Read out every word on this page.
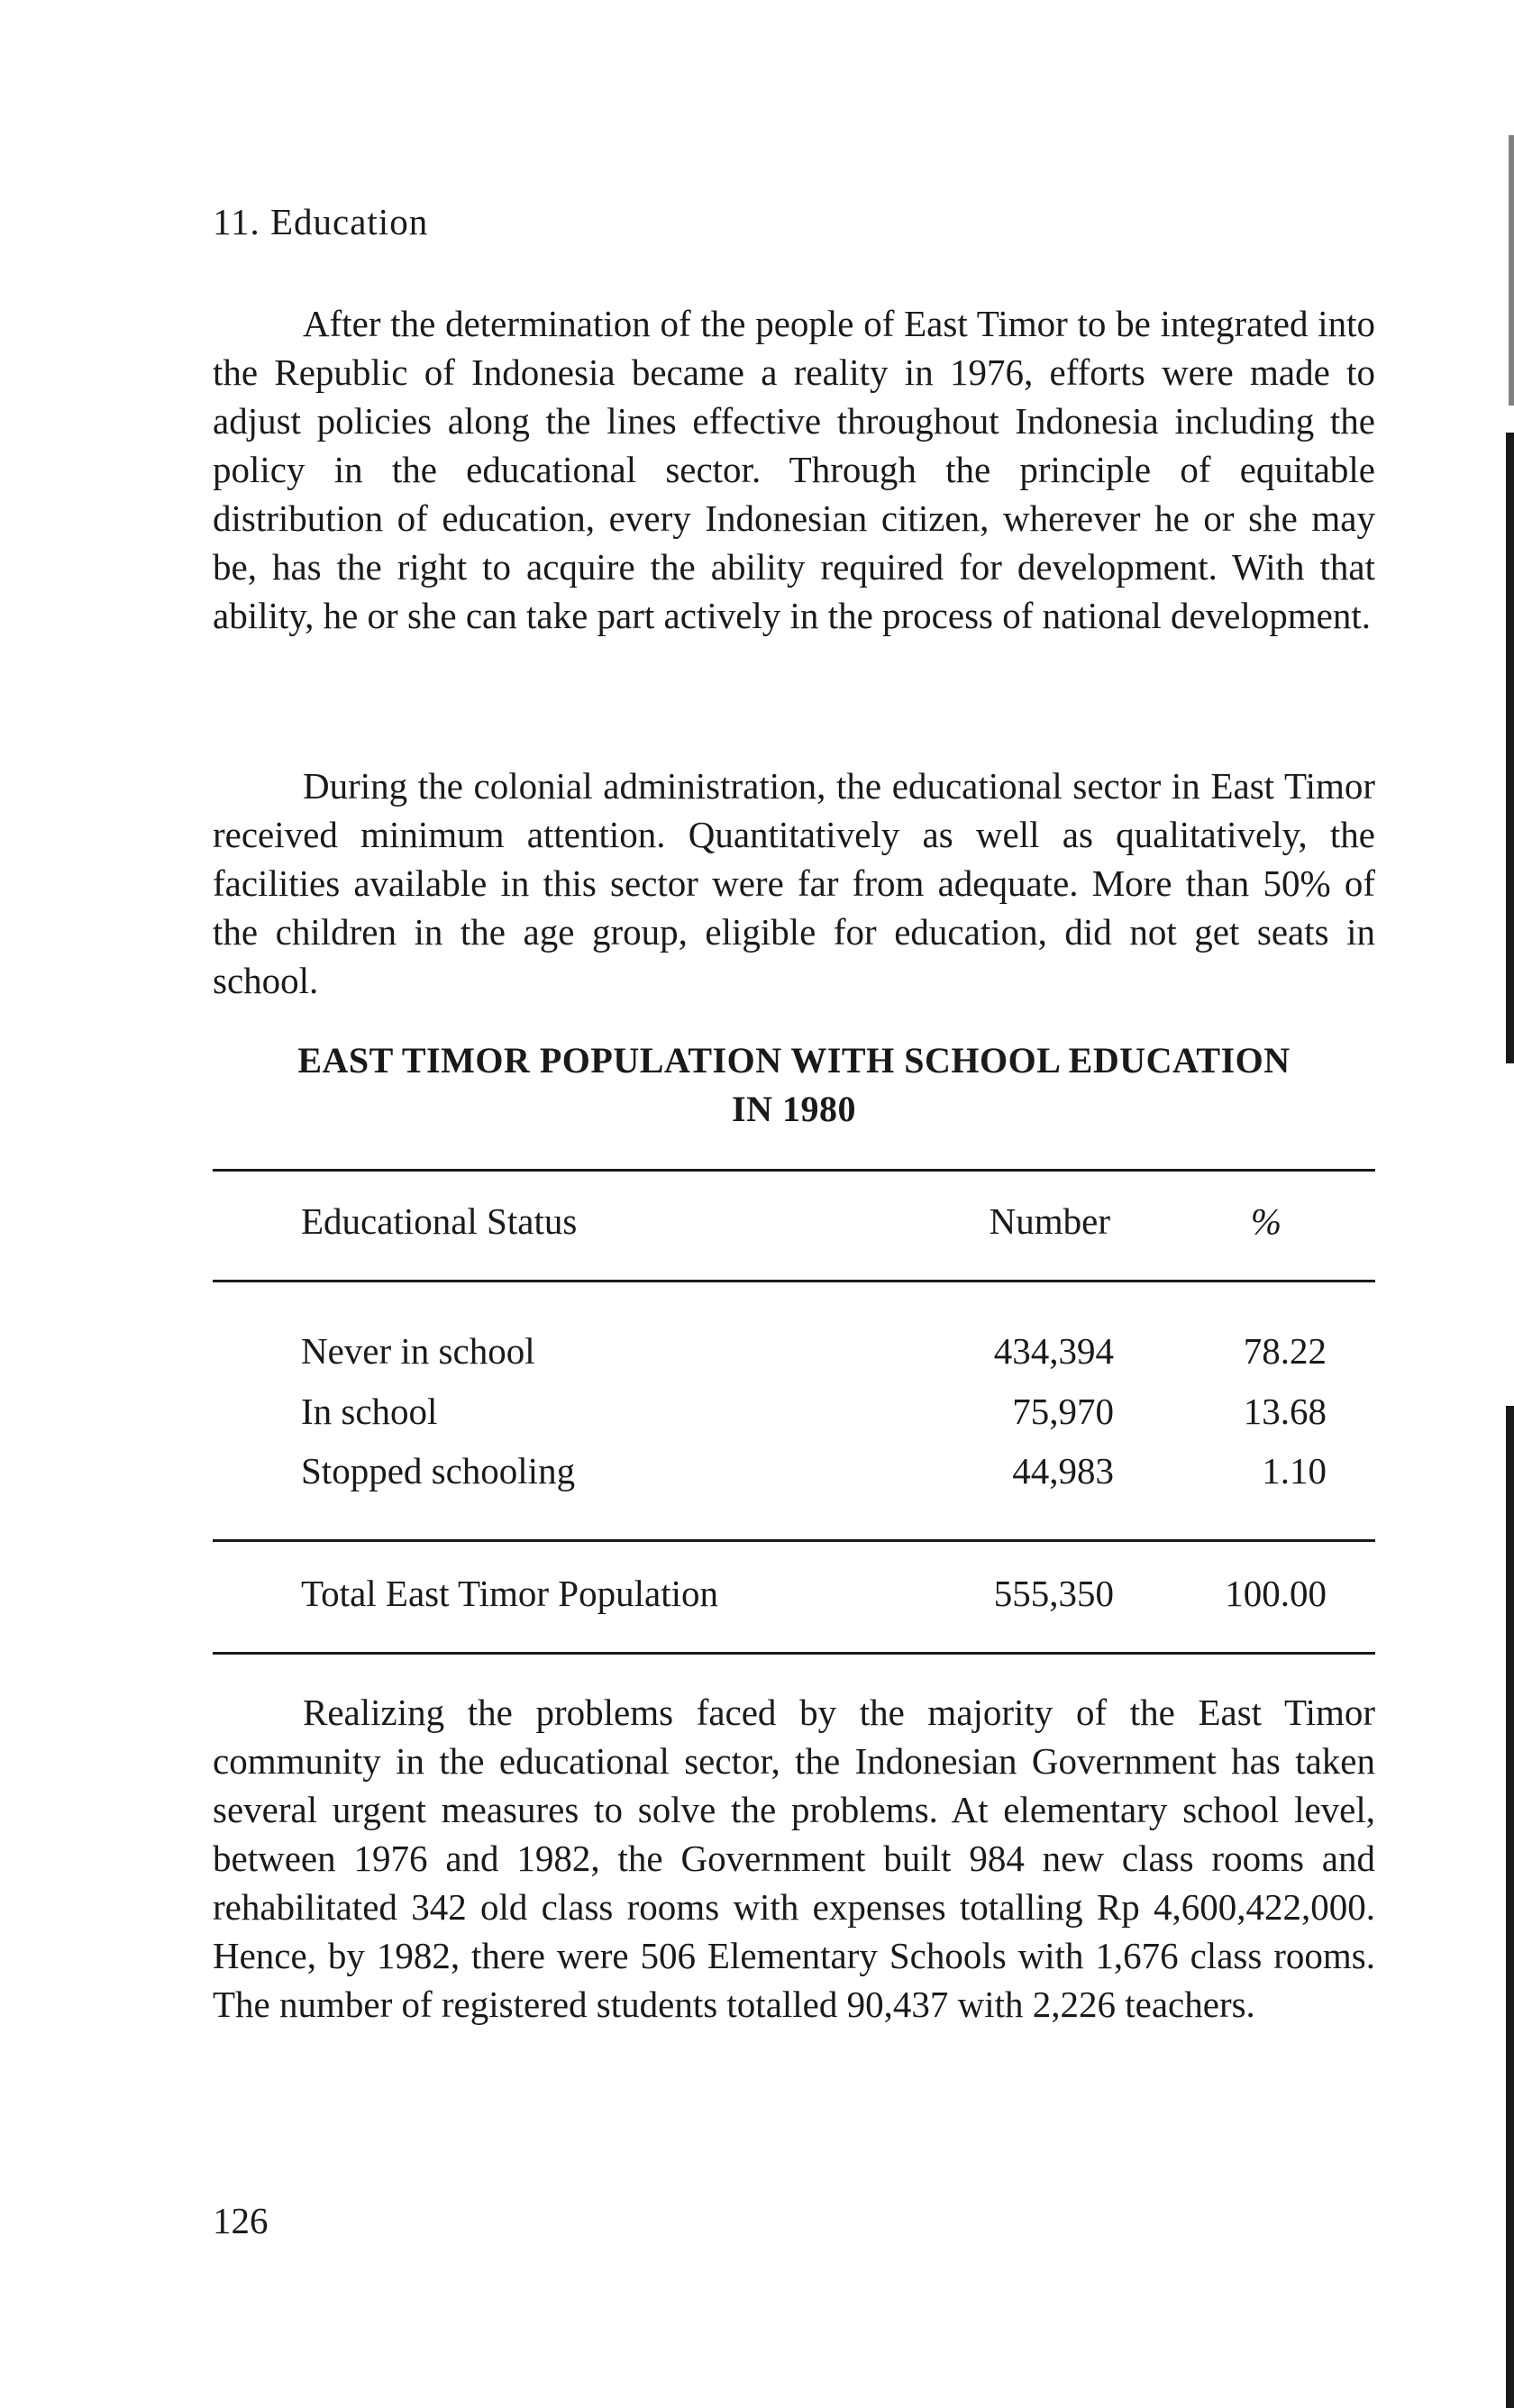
11. Education

After the determination of the people of East Timor to be integrated into the Republic of Indonesia became a reality in 1976, efforts were made to adjust policies along the lines effective throughout Indonesia including the policy in the educational sector. Through the principle of equitable distribution of education, every Indonesian citizen, wherever he or she may be, has the right to acquire the ability required for development. With that ability, he or she can take part actively in the process of national development.

During the colonial administration, the educational sector in East Timor received minimum attention. Quantitatively as well as qualitatively, the facilities available in this sector were far from adequate. More than 50% of the children in the age group, eligible for education, did not get seats in school.

EAST TIMOR POPULATION WITH SCHOOL EDUCATION
IN 1980
Educational Status	Number	%
Never in school	434,394	78.22
In school	75,970	13.68
Stopped schooling	44,983	1.10
Total East Timor Population	555,350	100.00

Realizing the problems faced by the majority of the East Timor community in the educational sector, the Indonesian Government has taken several urgent measures to solve the problems. At elementary school level, between 1976 and 1982, the Government built 984 new class rooms and rehabilitated 342 old class rooms with expenses totalling Rp 4,600,422,000. Hence, by 1982, there were 506 Elementary Schools with 1,676 class rooms. The number of registered students totalled 90,437 with 2,226 teachers.

126
